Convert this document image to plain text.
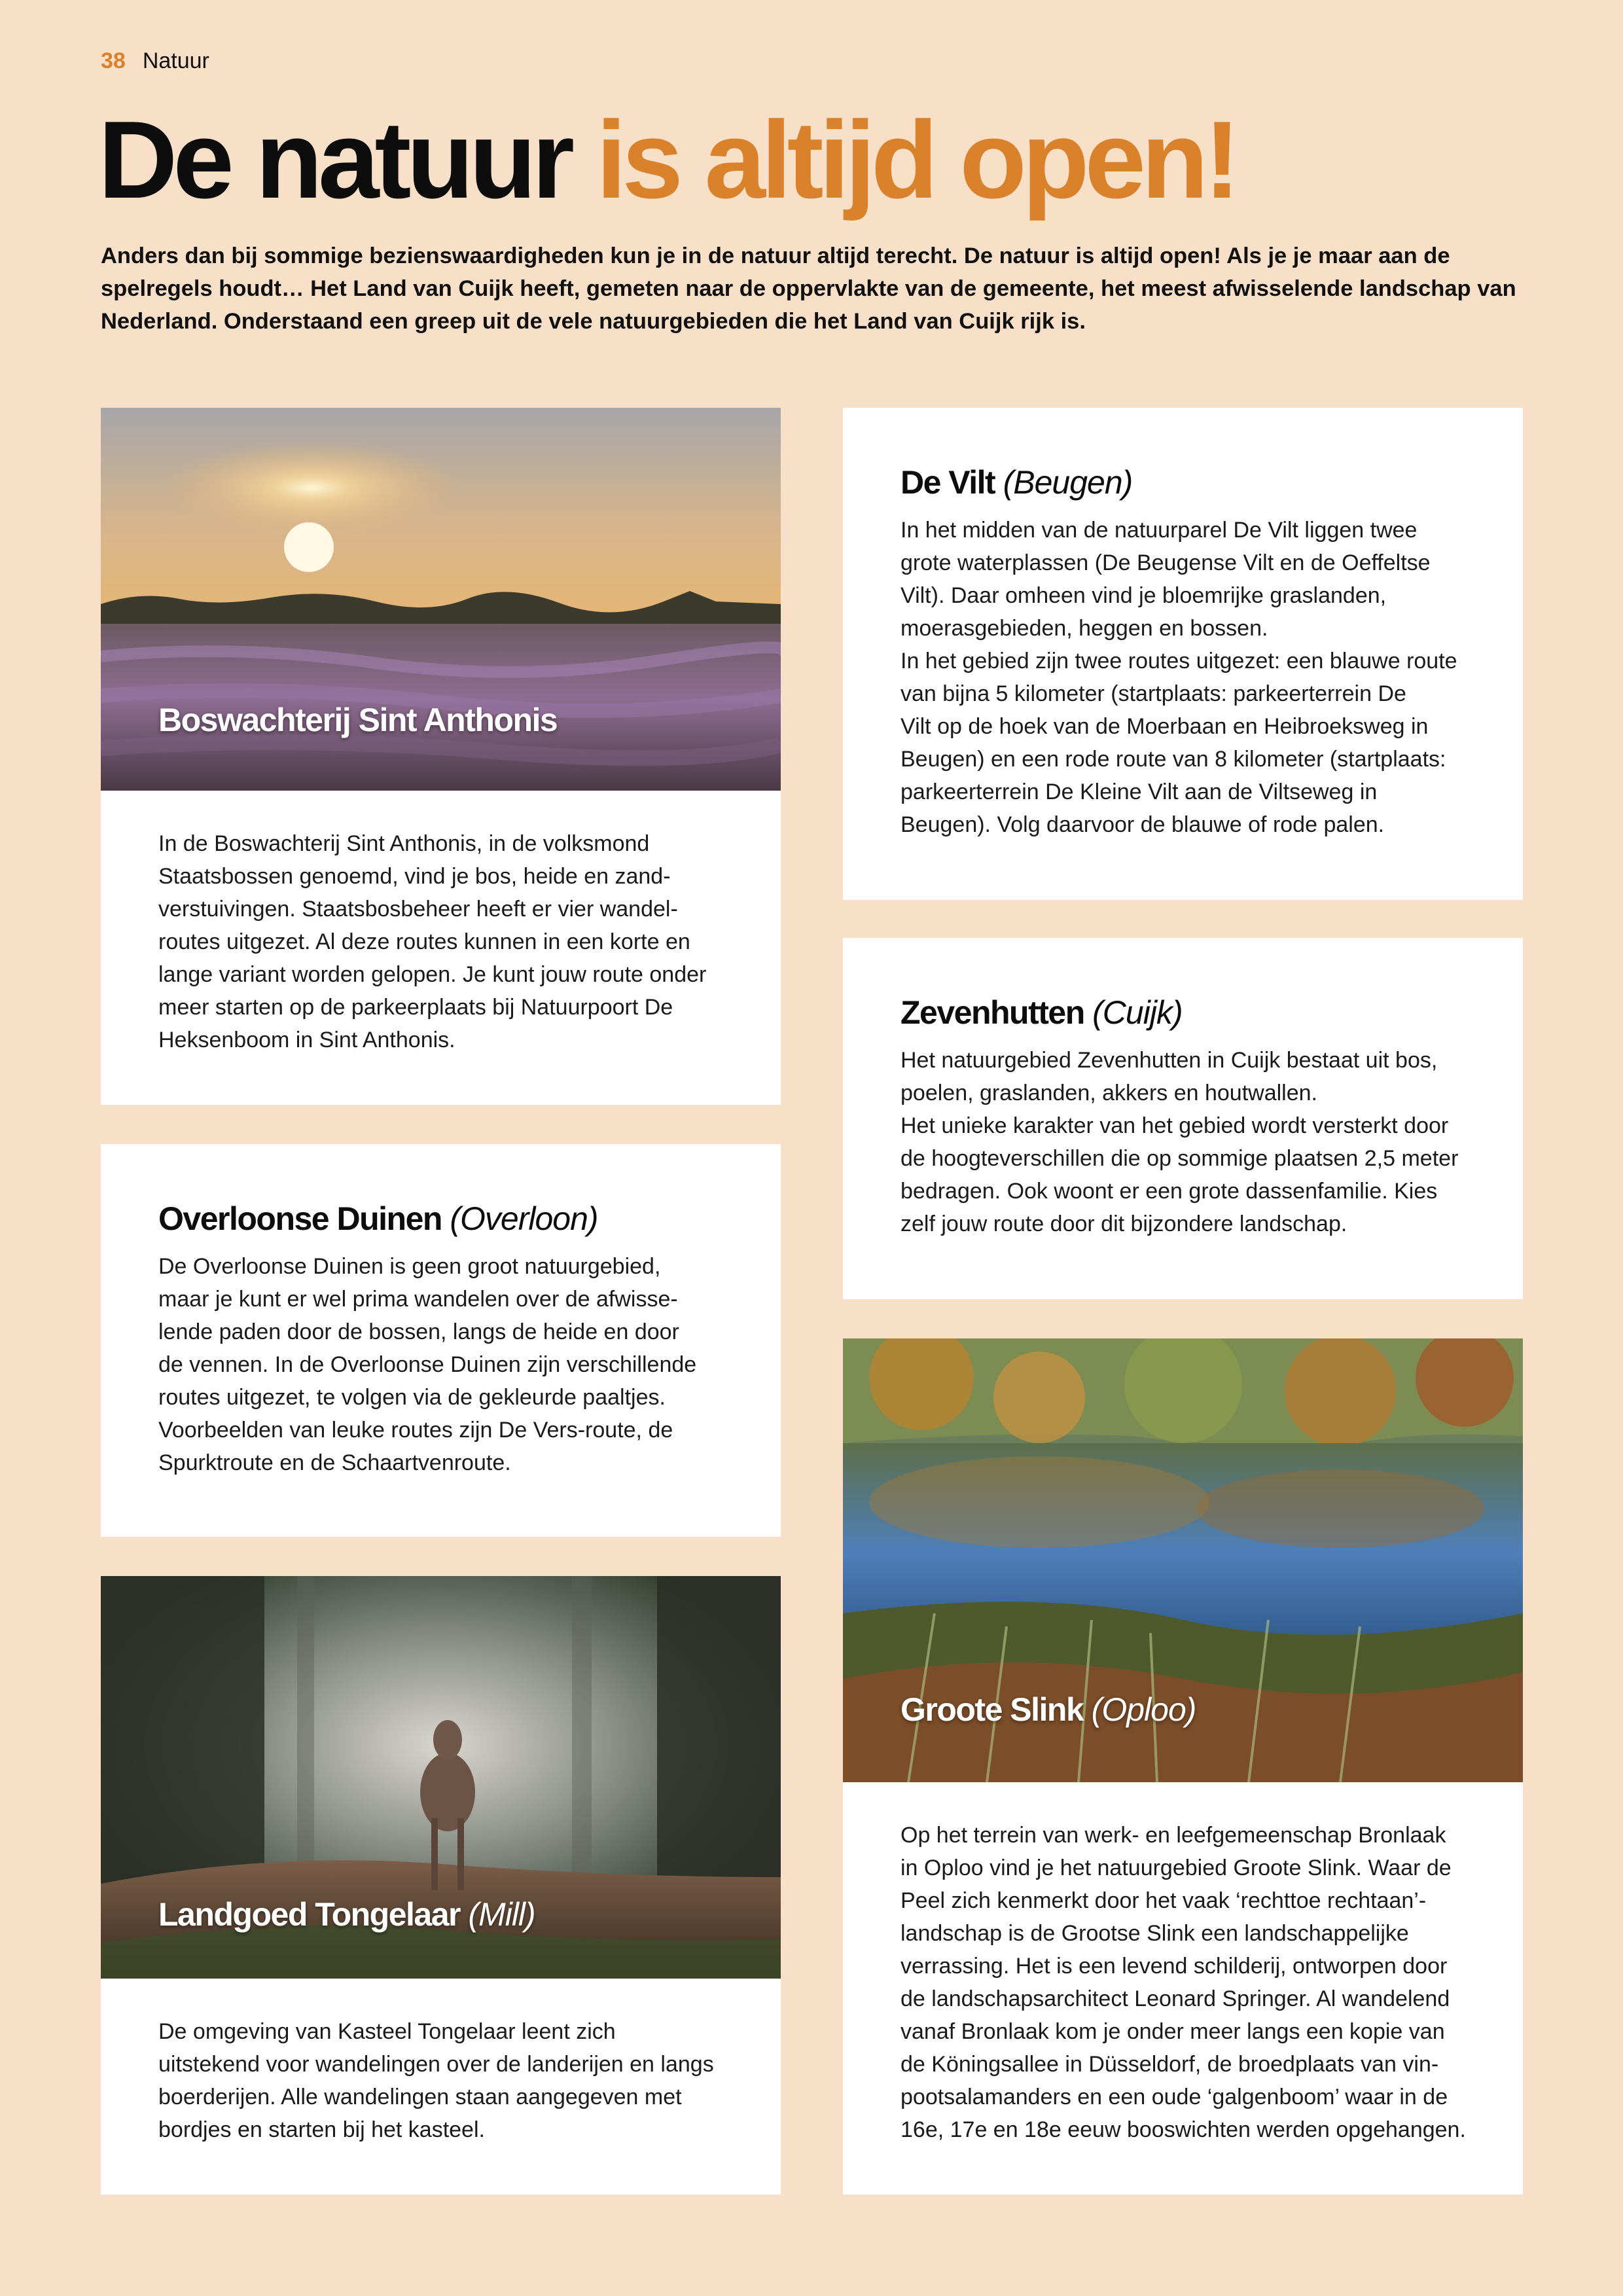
38 Natuur
De natuur is altijd open!

Anders dan bij sommige bezienswaardigheden kun je in de natuur altijd terecht. De natuur is altijd open! Als je je maar aan de spelregels houdt… Het Land van Cuijk heeft, gemeten naar de oppervlakte van de gemeente, het meest afwisselende landschap van Nederland. Onderstaand een greep uit de vele natuurgebieden die het Land van Cuijk rijk is.

Boswachterij Sint Anthonis

In de Boswachterij Sint Anthonis, in de volksmond
Staatsbossen genoemd, vind je bos, heide en zand-
verstuivingen. Staatsbosbeheer heeft er vier wandel-
routes uitgezet. Al deze routes kunnen in een korte en
lange variant worden gelopen. Je kunt jouw route onder
meer starten op de parkeerplaats bij Natuurpoort De
Heksenboom in Sint Anthonis.

Overloonse Duinen (Overloon)

De Overloonse Duinen is geen groot natuurgebied,
maar je kunt er wel prima wandelen over de afwisse-
lende paden door de bossen, langs de heide en door
de vennen. In de Overloonse Duinen zijn verschillende
routes uitgezet, te volgen via de gekleurde paaltjes.
Voorbeelden van leuke routes zijn De Vers-route, de
Spurktroute en de Schaartvenroute.

Landgoed Tongelaar (Mill)

De omgeving van Kasteel Tongelaar leent zich
uitstekend voor wandelingen over de landerijen en langs
boerderijen. Alle wandelingen staan aangegeven met
bordjes en starten bij het kasteel.

De Vilt (Beugen)

In het midden van de natuurparel De Vilt liggen twee
grote waterplassen (De Beugense Vilt en de Oeffeltse
Vilt). Daar omheen vind je bloemrijke graslanden,
moerasgebieden, heggen en bossen.
In het gebied zijn twee routes uitgezet: een blauwe route
van bijna 5 kilometer (startplaats: parkeerterrein De
Vilt op de hoek van de Moerbaan en Heibroeksweg in
Beugen) en een rode route van 8 kilometer (startplaats:
parkeerterrein De Kleine Vilt aan de Viltseweg in
Beugen). Volg daarvoor de blauwe of rode palen.

Zevenhutten (Cuijk)

Het natuurgebied Zevenhutten in Cuijk bestaat uit bos,
poelen, graslanden, akkers en houtwallen.
Het unieke karakter van het gebied wordt versterkt door
de hoogteverschillen die op sommige plaatsen 2,5 meter
bedragen. Ook woont er een grote dassenfamilie. Kies
zelf jouw route door dit bijzondere landschap.

Groote Slink (Oploo)

Op het terrein van werk- en leefgemeenschap Bronlaak
in Oploo vind je het natuurgebied Groote Slink. Waar de
Peel zich kenmerkt door het vaak ‘rechttoe rechtaan’-
landschap is de Grootse Slink een landschappelijke
verrassing. Het is een levend schilderij, ontworpen door
de landschapsarchitect Leonard Springer. Al wandelend
vanaf Bronlaak kom je onder meer langs een kopie van
de Köningsallee in Düsseldorf, de broedplaats van vin-
pootsalamanders en een oude ‘galgenboom’ waar in de
16e, 17e en 18e eeuw booswichten werden opgehangen.
